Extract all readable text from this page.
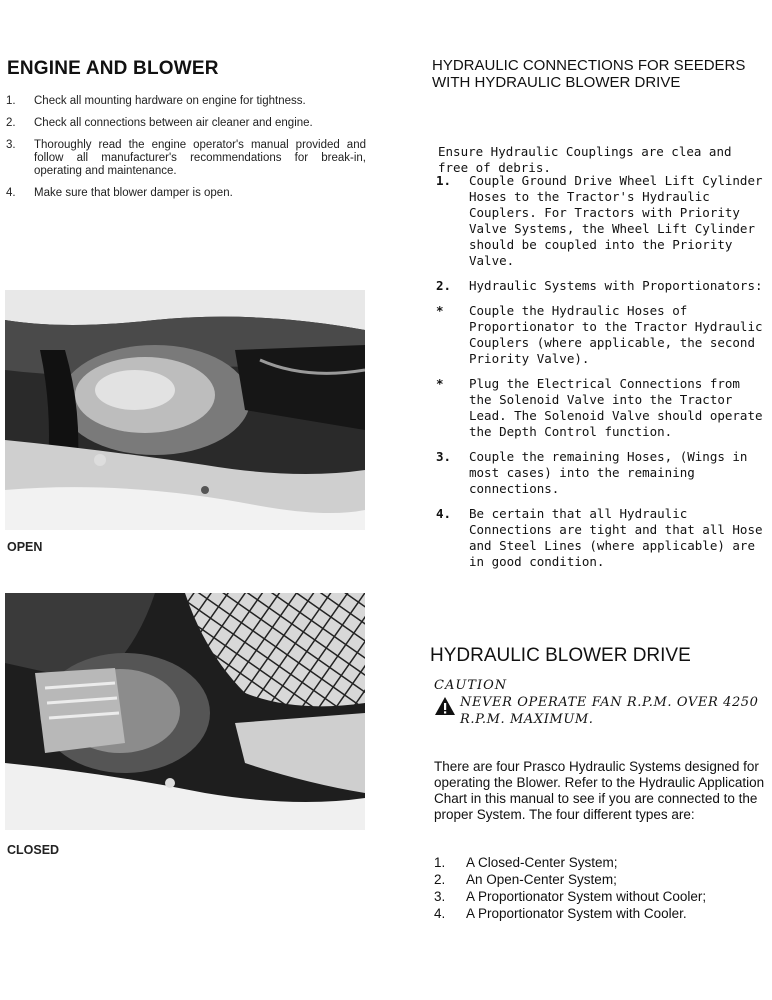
ENGINE AND BLOWER
1.	Check all mounting hardware on engine for tightness.
2.	Check all connections between air cleaner and engine.
3.	Thoroughly read the engine operator's manual provided and follow all manufacturer's recommendations for break-in, operating and maintenance.
4.	Make sure that blower damper is open.
OPEN
CLOSED
HYDRAULIC CONNECTIONS FOR SEEDERS WITH HYDRAULIC BLOWER DRIVE

Ensure Hydraulic Couplings are clea and free of debris.

1.	Couple Ground Drive Wheel Lift Cylinder Hoses to the Tractor's Hydraulic Couplers. For Tractors with Priority Valve Systems, the Wheel Lift Cylinder should be coupled into the Priority Valve.
2.	Hydraulic Systems with Proportionators:
*	Couple the Hydraulic Hoses of Proportionator to the Tractor Hydraulic Couplers (where applicable, the second Priority Valve).
*	Plug the Electrical Connections from the Solenoid Valve into the Tractor Lead. The Solenoid Valve should operate the Depth Control function.
3.	Couple the remaining Hoses, (Wings in most cases) into the remaining connections.
4.	Be certain that all Hydraulic Connections are tight and that all Hose and Steel Lines (where applicable) are in good condition.
HYDRAULIC BLOWER DRIVE
CAUTION
NEVER OPERATE FAN R.P.M. OVER 4250 R.P.M. MAXIMUM.

There are four Prasco Hydraulic Systems designed for operating the Blower. Refer to the Hydraulic Application Chart in this manual to see if you are connected to the proper System. The four different types are:

1.	A Closed-Center System;
2.	An Open-Center System;
3.	A Proportionator System without Cooler;
4.	A Proportionator System with Cooler.
